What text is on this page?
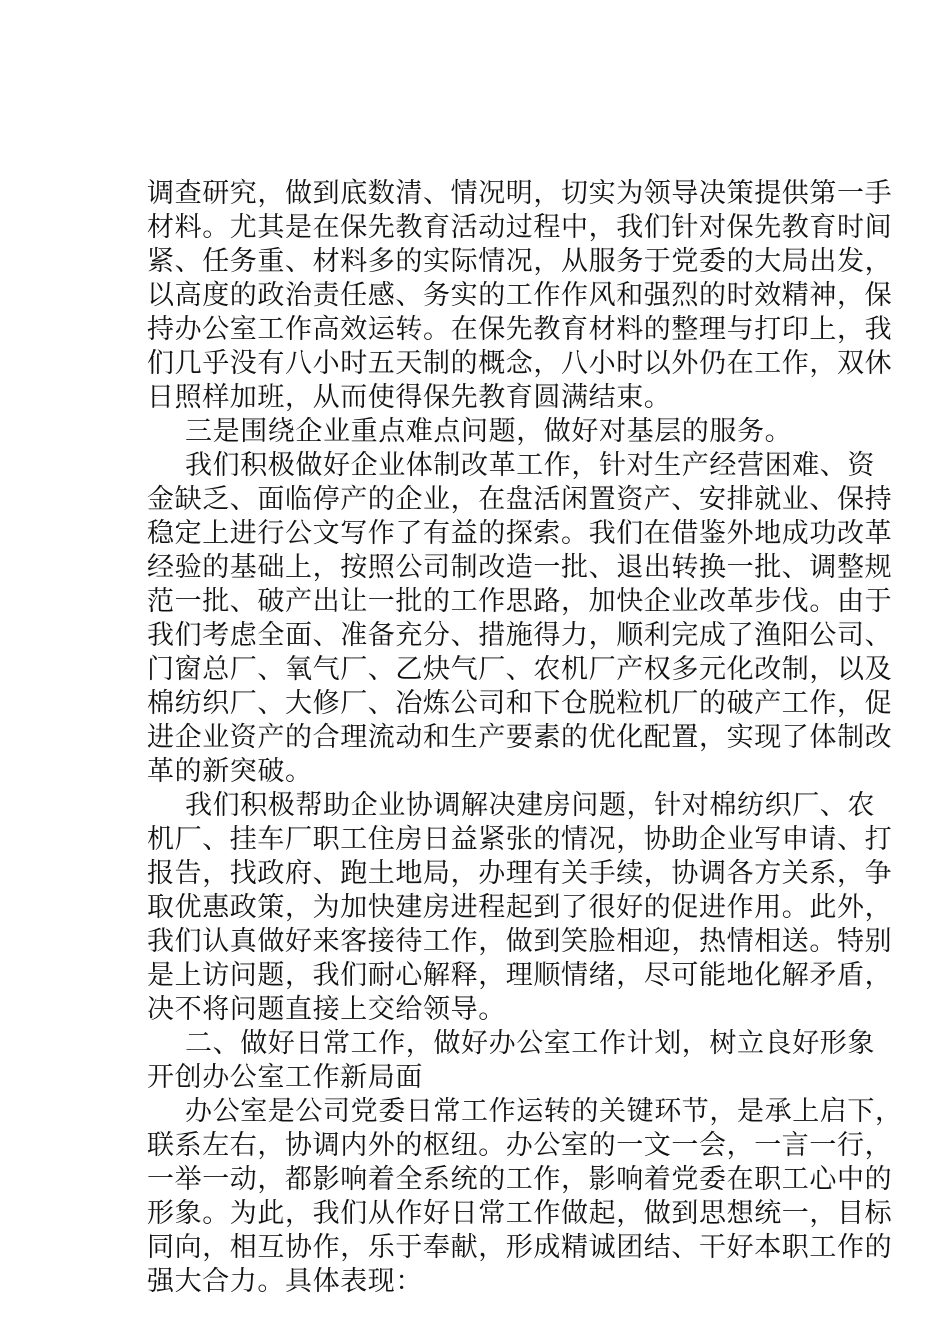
调查研究，做到底数清、情况明，切实为领导决策提供第一手
材料。尤其是在保先教育活动过程中，我们针对保先教育时间
紧、任务重、材料多的实际情况，从服务于党委的大局出发，
以高度的政治责任感、务实的工作作风和强烈的时效精神，保
持办公室工作高效运转。在保先教育材料的整理与打印上，我
们几乎没有八小时五天制的概念，八小时以外仍在工作，双休
日照样加班，从而使得保先教育圆满结束。
三是围绕企业重点难点问题，做好对基层的服务。
我们积极做好企业体制改革工作，针对生产经营困难、资
金缺乏、面临停产的企业，在盘活闲置资产、安排就业、保持
稳定上进行公文写作了有益的探索。我们在借鉴外地成功改革
经验的基础上，按照公司制改造一批、退出转换一批、调整规
范一批、破产出让一批的工作思路，加快企业改革步伐。由于
我们考虑全面、准备充分、措施得力，顺利完成了渔阳公司、
门窗总厂、氧气厂、乙炔气厂、农机厂产权多元化改制，以及
棉纺织厂、大修厂、冶炼公司和下仓脱粒机厂的破产工作，促
进企业资产的合理流动和生产要素的优化配置，实现了体制改
革的新突破。
我们积极帮助企业协调解决建房问题，针对棉纺织厂、农
机厂、挂车厂职工住房日益紧张的情况，协助企业写申请、打
报告，找政府、跑土地局，办理有关手续，协调各方关系，争
取优惠政策，为加快建房进程起到了很好的促进作用。此外，
我们认真做好来客接待工作，做到笑脸相迎，热情相送。特别
是上访问题，我们耐心解释，理顺情绪，尽可能地化解矛盾，
决不将问题直接上交给领导。
二、做好日常工作，做好办公室工作计划，树立良好形象
开创办公室工作新局面
办公室是公司党委日常工作运转的关键环节，是承上启下，
联系左右，协调内外的枢纽。办公室的一文一会，一言一行，
一举一动，都影响着全系统的工作，影响着党委在职工心中的
形象。为此，我们从作好日常工作做起，做到思想统一，目标
同向，相互协作，乐于奉献，形成精诚团结、干好本职工作的
强大合力。具体表现：
